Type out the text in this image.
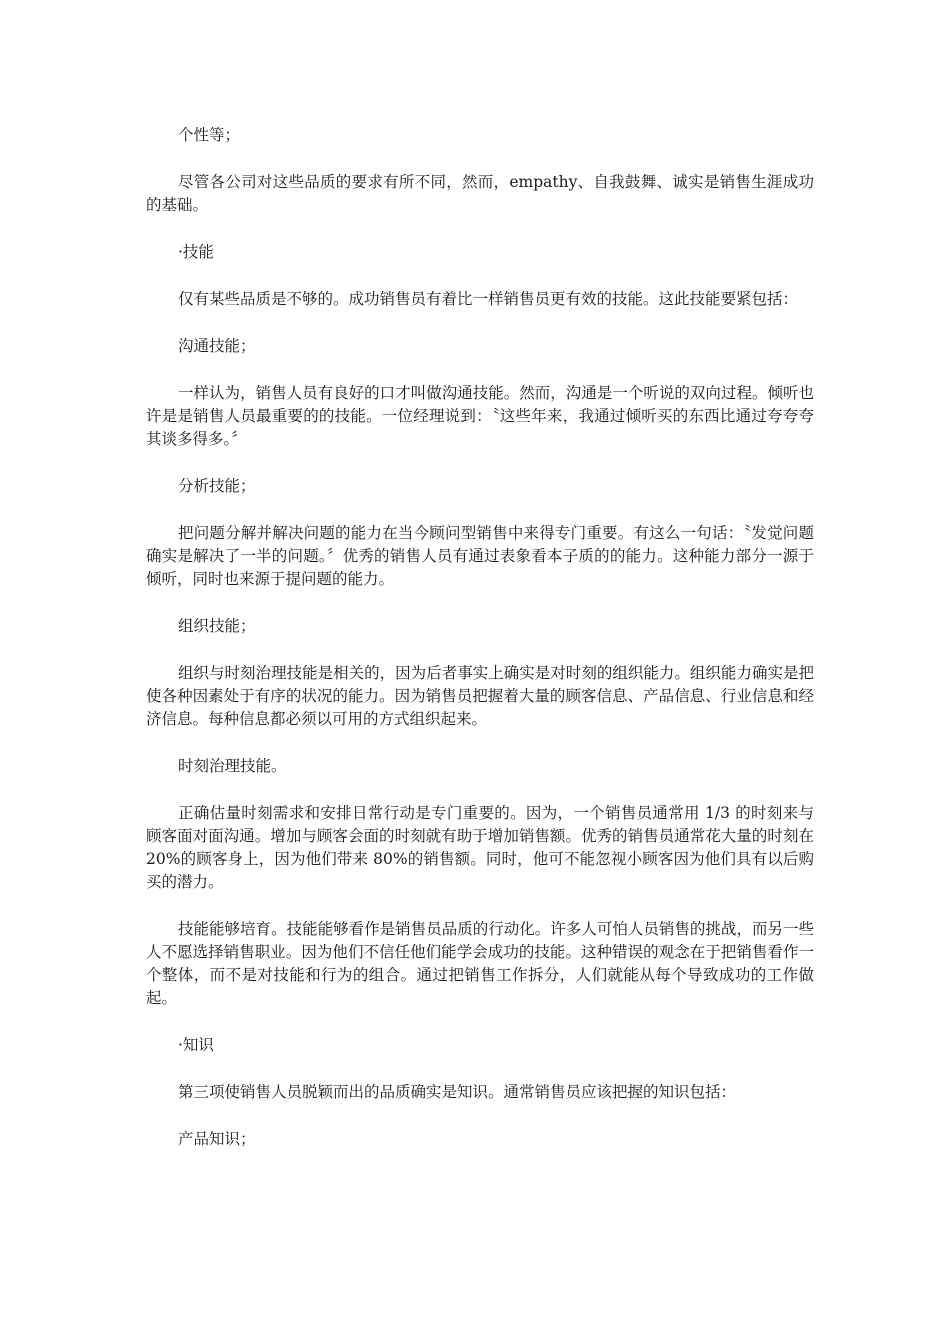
个性等；

尽管各公司对这些品质的要求有所不同，然而，empathy、自我鼓舞、诚实是销售生涯成功的基础。

·技能

仅有某些品质是不够的。成功销售员有着比一样销售员更有效的技能。这此技能要紧包括：

沟通技能；

一样认为，销售人员有良好的口才叫做沟通技能。然而，沟通是一个听说的双向过程。倾听也许是是销售人员最重要的的技能。一位经理说到：〝这些年来，我通过倾听买的东西比通过夸夸夸其谈多得多。〞

分析技能；

把问题分解并解决问题的能力在当今顾问型销售中来得专门重要。有这么一句话：〝发觉问题确实是解决了一半的问题。〞优秀的销售人员有通过表象看本子质的的能力。这种能力部分一源于倾听，同时也来源于提问题的能力。

组织技能；

组织与时刻治理技能是相关的，因为后者事实上确实是对时刻的组织能力。组织能力确实是把使各种因素处于有序的状况的能力。因为销售员把握着大量的顾客信息、产品信息、行业信息和经济信息。每种信息都必须以可用的方式组织起来。

时刻治理技能。

正确估量时刻需求和安排日常行动是专门重要的。因为，一个销售员通常用 1/3 的时刻来与顾客面对面沟通。增加与顾客会面的时刻就有助于增加销售额。优秀的销售员通常花大量的时刻在 20%的顾客身上，因为他们带来 80%的销售额。同时，他可不能忽视小顾客因为他们具有以后购买的潜力。

技能能够培育。技能能够看作是销售员品质的行动化。许多人可怕人员销售的挑战，而另一些人不愿选择销售职业。因为他们不信任他们能学会成功的技能。这种错误的观念在于把销售看作一个整体，而不是对技能和行为的组合。通过把销售工作拆分，人们就能从每个导致成功的工作做起。

·知识

第三项使销售人员脱颖而出的品质确实是知识。通常销售员应该把握的知识包括：

产品知识；
